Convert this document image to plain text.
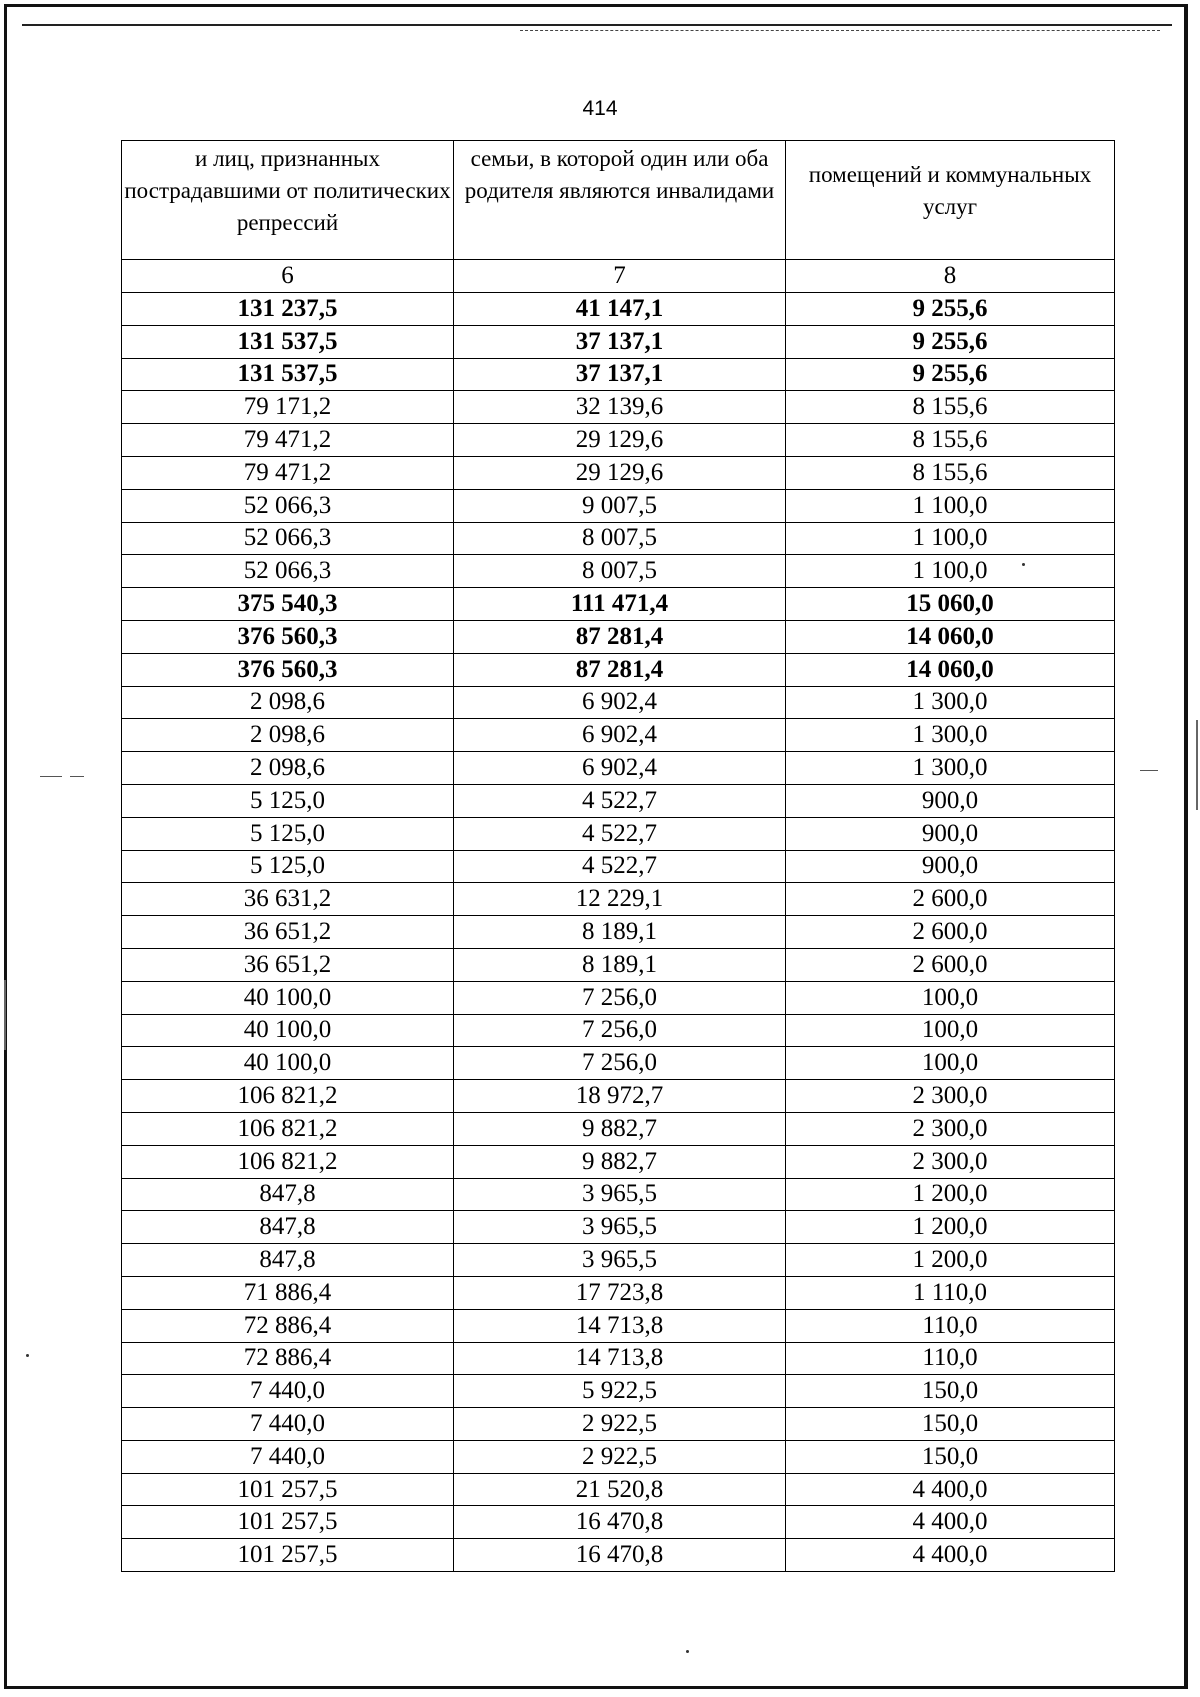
414
и лиц, признанных пострадавшими от политических репрессий	семьи, в которой один или оба родителя являются инвалидами	помещений и коммунальных услуг
6	7	8
131 237,5	41 147,1	9 255,6
131 537,5	37 137,1	9 255,6
131 537,5	37 137,1	9 255,6
79 171,2	32 139,6	8 155,6
79 471,2	29 129,6	8 155,6
79 471,2	29 129,6	8 155,6
52 066,3	9 007,5	1 100,0
52 066,3	8 007,5	1 100,0
52 066,3	8 007,5	1 100,0
375 540,3	111 471,4	15 060,0
376 560,3	87 281,4	14 060,0
376 560,3	87 281,4	14 060,0
2 098,6	6 902,4	1 300,0
2 098,6	6 902,4	1 300,0
2 098,6	6 902,4	1 300,0
5 125,0	4 522,7	900,0
5 125,0	4 522,7	900,0
5 125,0	4 522,7	900,0
36 631,2	12 229,1	2 600,0
36 651,2	8 189,1	2 600,0
36 651,2	8 189,1	2 600,0
40 100,0	7 256,0	100,0
40 100,0	7 256,0	100,0
40 100,0	7 256,0	100,0
106 821,2	18 972,7	2 300,0
106 821,2	9 882,7	2 300,0
106 821,2	9 882,7	2 300,0
847,8	3 965,5	1 200,0
847,8	3 965,5	1 200,0
847,8	3 965,5	1 200,0
71 886,4	17 723,8	1 110,0
72 886,4	14 713,8	110,0
72 886,4	14 713,8	110,0
7 440,0	5 922,5	150,0
7 440,0	2 922,5	150,0
7 440,0	2 922,5	150,0
101 257,5	21 520,8	4 400,0
101 257,5	16 470,8	4 400,0
101 257,5	16 470,8	4 400,0
